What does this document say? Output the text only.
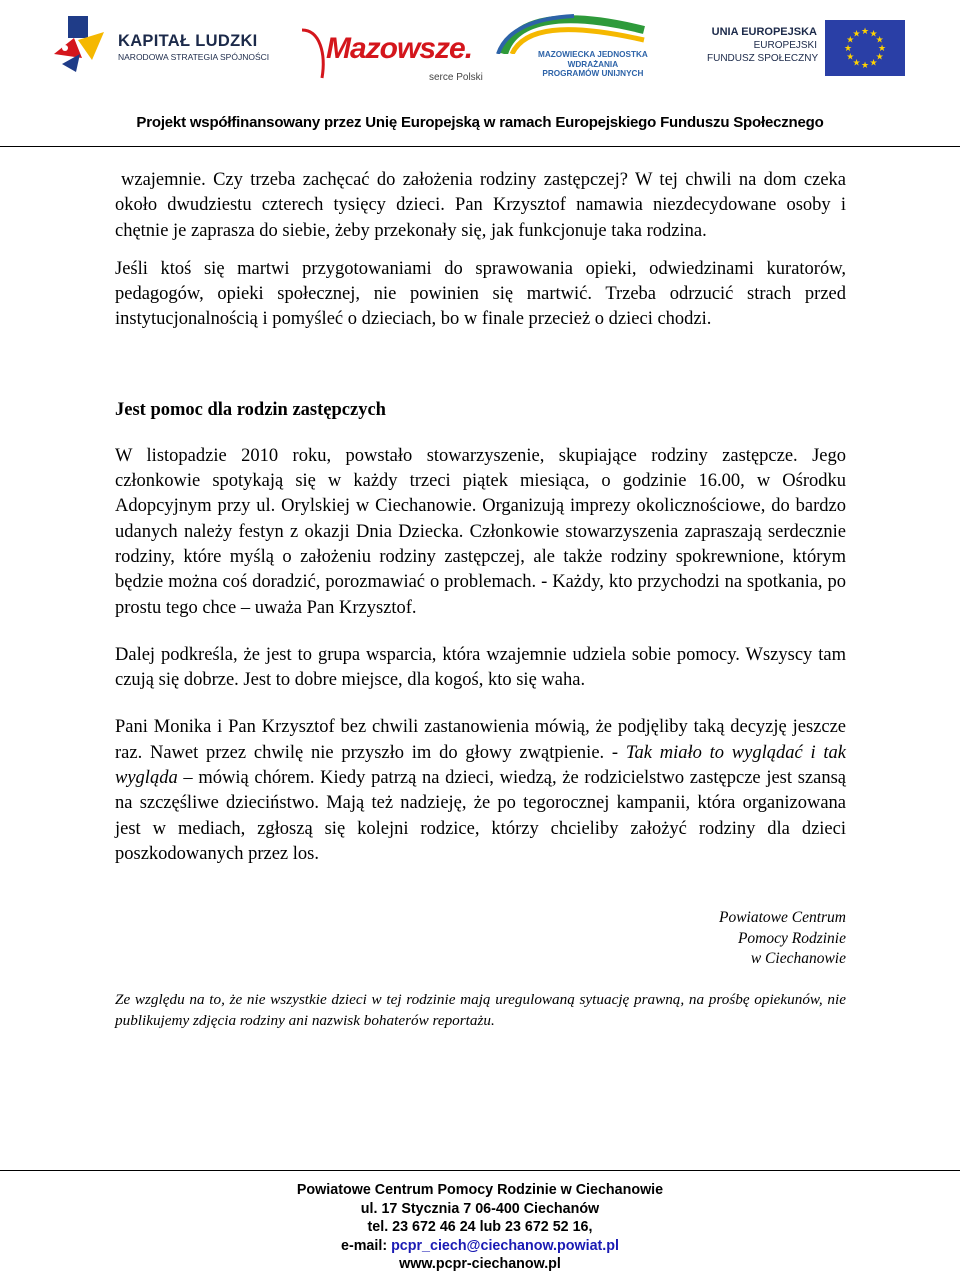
KAPITAŁ LUDZKI
NARODOWA STRATEGIA SPÓJNOŚCI Mazowsze.
serce Polski
MAZOWIECKA JEDNOSTKA
WDRAŻANIA
PROGRAMÓW UNIJNYCH
UNIA EUROPEJSKA
EUROPEJSKI
FUNDUSZ SPOŁECZNY
★ ★
★
★
★
★
★
★
★
★
★
★
Projekt współfinansowany przez Unię Europejską w ramach Europejskiego Funduszu Społecznego

wzajemnie. Czy trzeba zachęcać do założenia rodziny zastępczej? W tej chwili na dom czeka około dwudziestu czterech tysięcy dzieci. Pan Krzysztof namawia niezdecydowane osoby i chętnie je zaprasza do siebie, żeby przekonały się, jak funkcjonuje taka rodzina.

Jeśli ktoś się martwi przygotowaniami do sprawowania opieki, odwiedzinami kuratorów, pedagogów, opieki społecznej, nie powinien się martwić. Trzeba odrzucić strach przed instytucjonalnością i pomyśleć o dzieciach, bo w finale przecież o dzieci chodzi.

Jest pomoc dla rodzin zastępczych

W listopadzie 2010 roku, powstało stowarzyszenie, skupiające rodziny zastępcze. Jego członkowie spotykają się w każdy trzeci piątek miesiąca, o godzinie 16.00, w Ośrodku Adopcyjnym przy ul. Orylskiej w Ciechanowie. Organizują imprezy okolicznościowe, do bardzo udanych należy festyn z okazji Dnia Dziecka. Członkowie stowarzyszenia zapraszają serdecznie rodziny, które myślą o założeniu rodziny zastępczej, ale także rodziny spokrewnione, którym będzie można coś doradzić, porozmawiać o problemach. - Każdy, kto przychodzi na spotkania, po prostu tego chce – uważa Pan Krzysztof.

Dalej podkreśla, że jest to grupa wsparcia, która wzajemnie udziela sobie pomocy. Wszyscy tam czują się dobrze. Jest to dobre miejsce, dla kogoś, kto się waha.

Pani Monika i Pan Krzysztof bez chwili zastanowienia mówią, że podjęliby taką decyzję jeszcze raz. Nawet przez chwilę nie przyszło im do głowy zwątpienie. - Tak miało to wyglądać i tak wygląda – mówią chórem. Kiedy patrzą na dzieci, wiedzą, że rodzicielstwo zastępcze jest szansą na szczęśliwe dzieciństwo. Mają też nadzieję, że po tegorocznej kampanii, która organizowana jest w mediach, zgłoszą się kolejni rodzice, którzy chcieliby założyć rodziny dla dzieci poszkodowanych przez los.

Powiatowe Centrum

Pomocy Rodzinie

w Ciechanowie

Ze względu na to, że nie wszystkie dzieci w tej rodzinie mają uregulowaną sytuację prawną, na prośbę opiekunów, nie publikujemy zdjęcia rodziny ani nazwisk bohaterów reportażu.

Powiatowe Centrum Pomocy Rodzinie w Ciechanowie
ul. 17 Stycznia 7 06-400 Ciechanów
tel. 23 672 46 24 lub 23 672 52 16,
e-mail: pcpr_ciech@ciechanow.powiat.pl
www.pcpr-ciechanow.pl
